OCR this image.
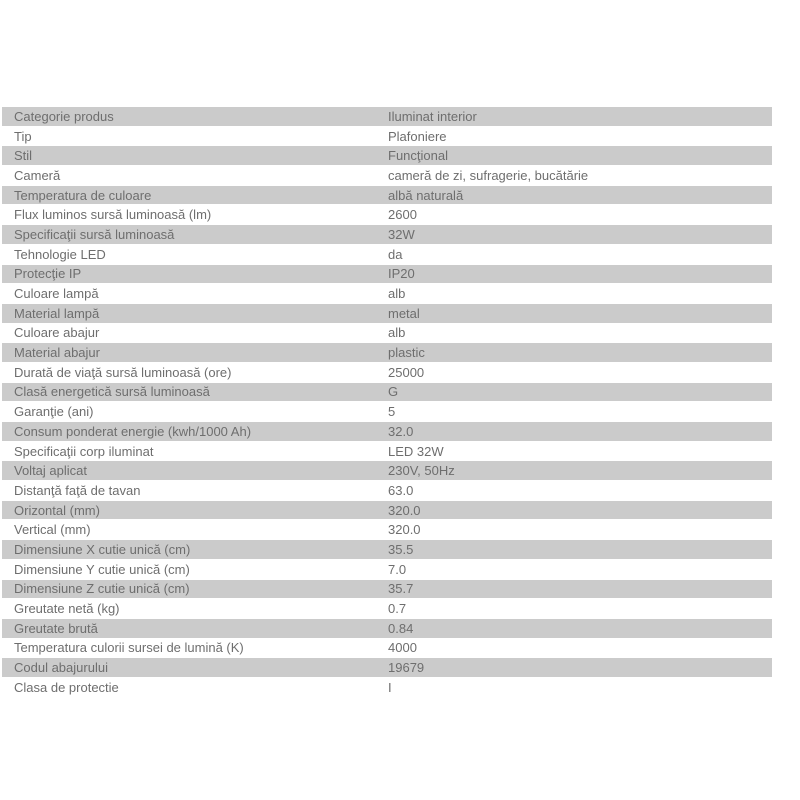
Categorie produs	Iluminat interior
Tip	Plafoniere
Stil	Funcţional
Cameră	cameră de zi, sufragerie, bucătărie
Temperatura de culoare	albă naturală
Flux luminos sursă luminoasă (lm)	2600
Specificaţii sursă luminoasă	32W
Tehnologie LED	da
Protecţie IP	IP20
Culoare lampă	alb
Material lampă	metal
Culoare abajur	alb
Material abajur	plastic
Durată de viaţă sursă luminoasă (ore)	25000
Clasă energetică sursă luminoasă	G
Garanţie (ani)	5
Consum ponderat energie (kwh/1000 Ah)	32.0
Specificaţii corp iluminat	LED 32W
Voltaj aplicat	230V, 50Hz
Distanţă faţă de tavan	63.0
Orizontal (mm)	320.0
Vertical (mm)	320.0
Dimensiune X cutie unică (cm)	35.5
Dimensiune Y cutie unică (cm)	7.0
Dimensiune Z cutie unică (cm)	35.7
Greutate netă (kg)	0.7
Greutate brută	0.84
Temperatura culorii sursei de lumină (K)	4000
Codul abajurului	19679
Clasa de protectie	I
